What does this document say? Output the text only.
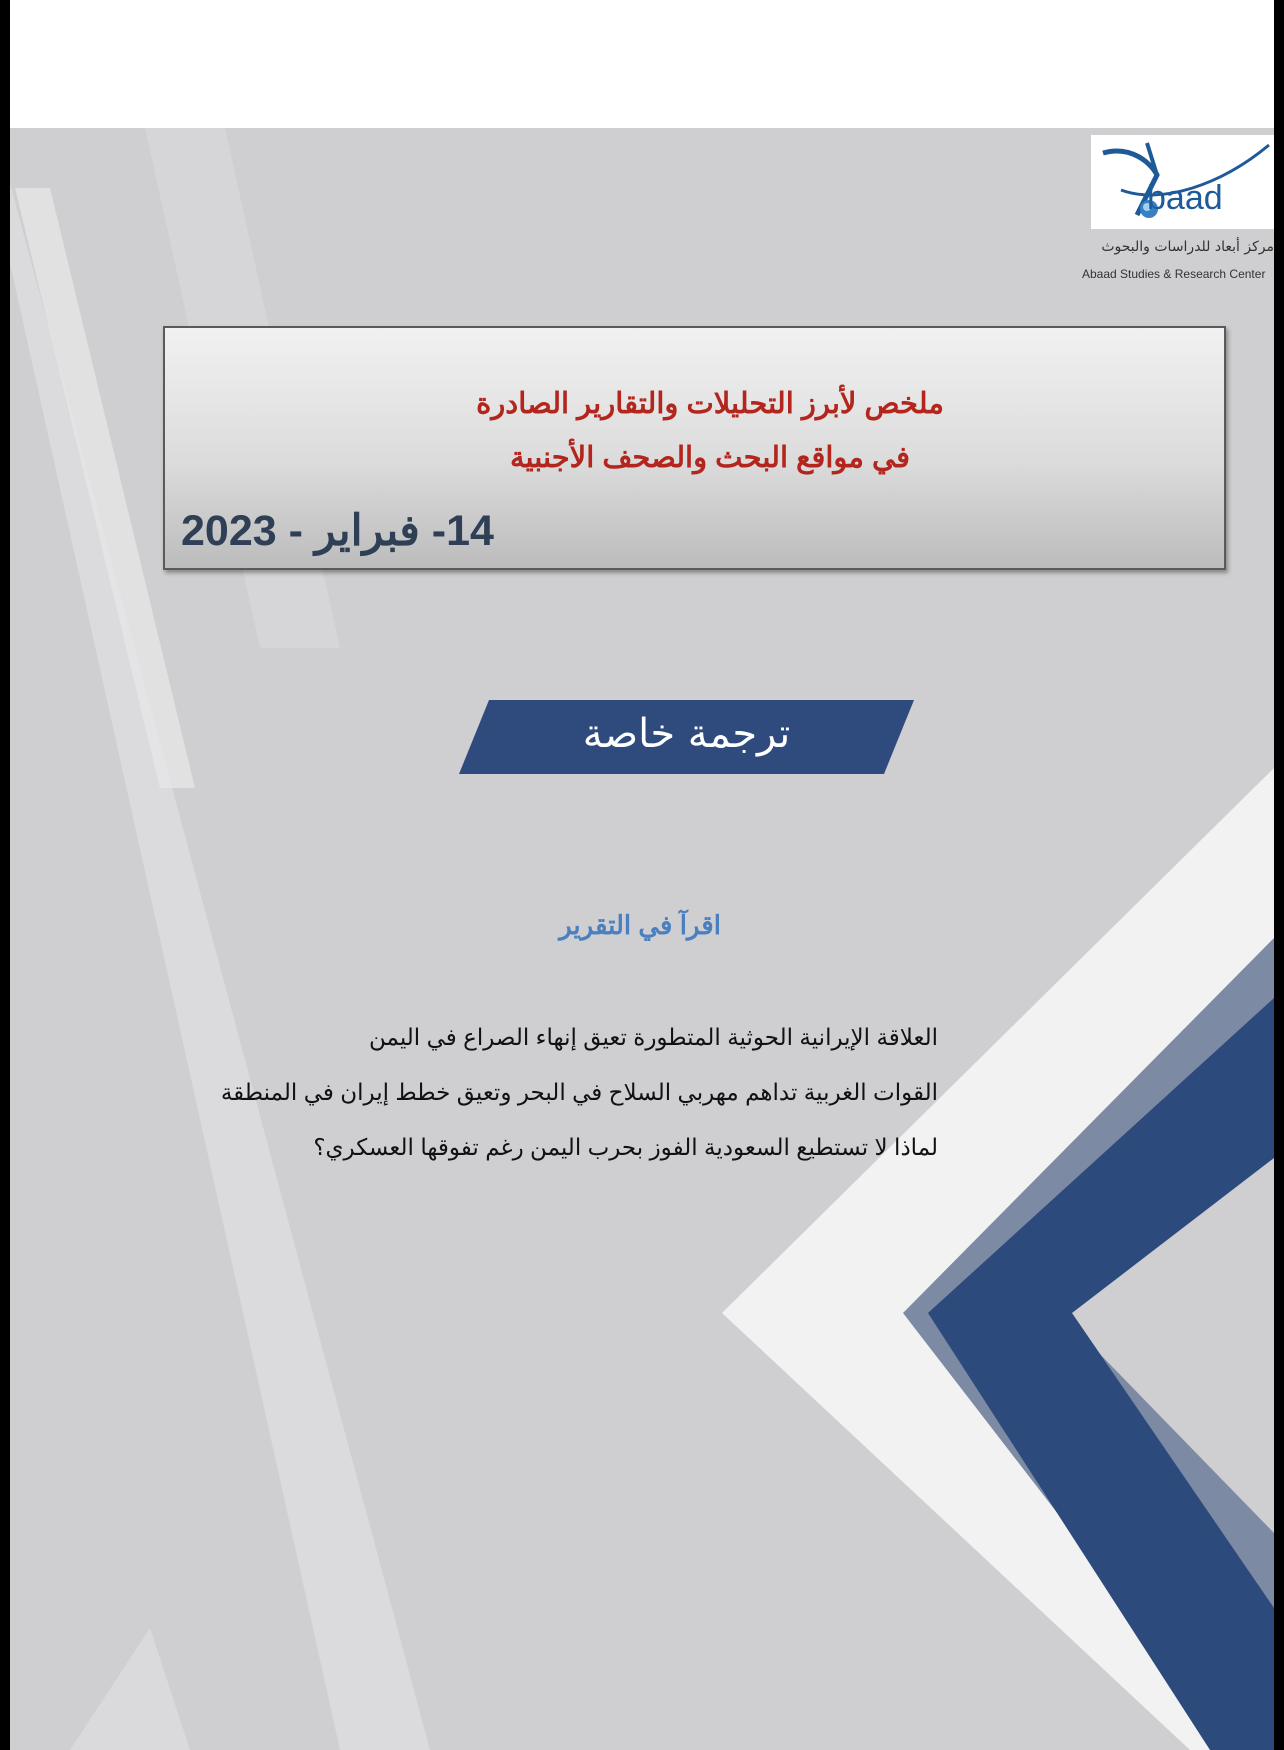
baad
مركز أبعاد للدراسات والبحوث
Abaad Studies & Research Center
ملخص لأبرز التحليلات والتقارير الصادرة
في مواقع البحث والصحف الأجنبية
14- فبراير - 2023
ترجمة خاصة
اقرآ في التقرير
العلاقة الإيرانية الحوثية المتطورة تعيق إنهاء الصراع في اليمن
القوات الغربية تداهم مهربي السلاح في البحر وتعيق خطط إيران في المنطقة
لماذا لا تستطيع السعودية الفوز بحرب اليمن رغم تفوقها العسكري؟
